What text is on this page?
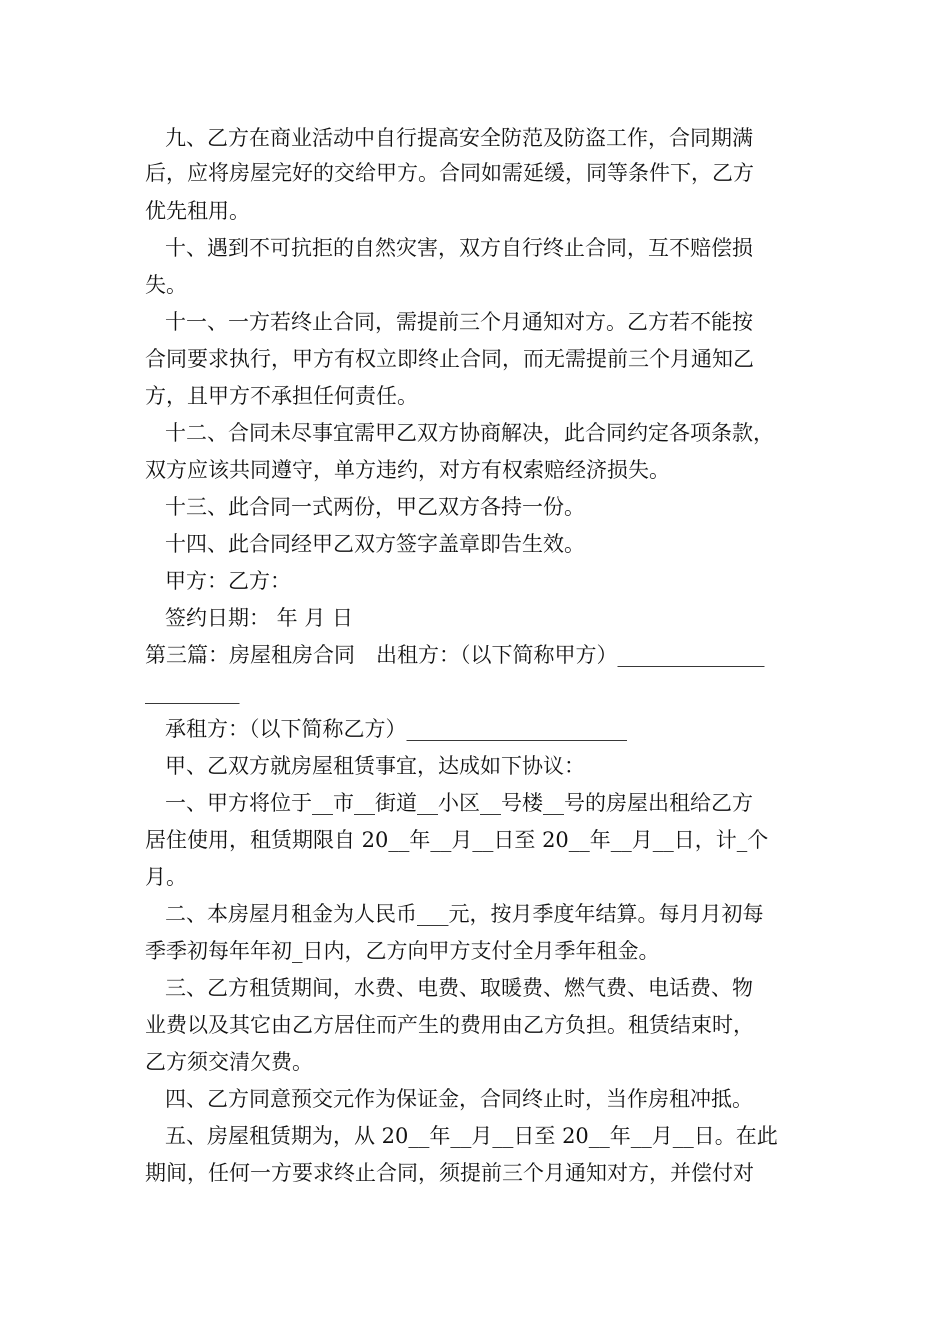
九、乙方在商业活动中自行提高安全防范及防盗工作，合同期满
后，应将房屋完好的交给甲方。合同如需延缓，同等条件下，乙方
优先租用。
十、遇到不可抗拒的自然灾害，双方自行终止合同，互不赔偿损
失。
十一、一方若终止合同，需提前三个月通知对方。乙方若不能按
合同要求执行，甲方有权立即终止合同，而无需提前三个月通知乙
方，且甲方不承担任何责任。
十二、合同未尽事宜需甲乙双方协商解决，此合同约定各项条款，
双方应该共同遵守，单方违约，对方有权索赔经济损失。
十三、此合同一式两份，甲乙双方各持一份。
十四、此合同经甲乙双方签字盖章即告生效。
甲方：乙方：
签约日期： 年 月 日
第三篇：房屋租房合同　出租方：（以下简称甲方）______________
_________
承租方：（以下简称乙方）_____________________
甲、乙双方就房屋租赁事宜，达成如下协议：
一、甲方将位于__市__街道__小区__号楼__号的房屋出租给乙方
居住使用，租赁期限自 20__年__月__日至 20__年__月__日，计_个
月。
二、本房屋月租金为人民币___元，按月季度年结算。每月月初每
季季初每年年初_日内，乙方向甲方支付全月季年租金。
三、乙方租赁期间，水费、电费、取暖费、燃气费、电话费、物
业费以及其它由乙方居住而产生的费用由乙方负担。租赁结束时，
乙方须交清欠费。
四、乙方同意预交元作为保证金，合同终止时，当作房租冲抵。
五、房屋租赁期为，从 20__年__月__日至 20__年__月__日。在此
期间，任何一方要求终止合同，须提前三个月通知对方，并偿付对
